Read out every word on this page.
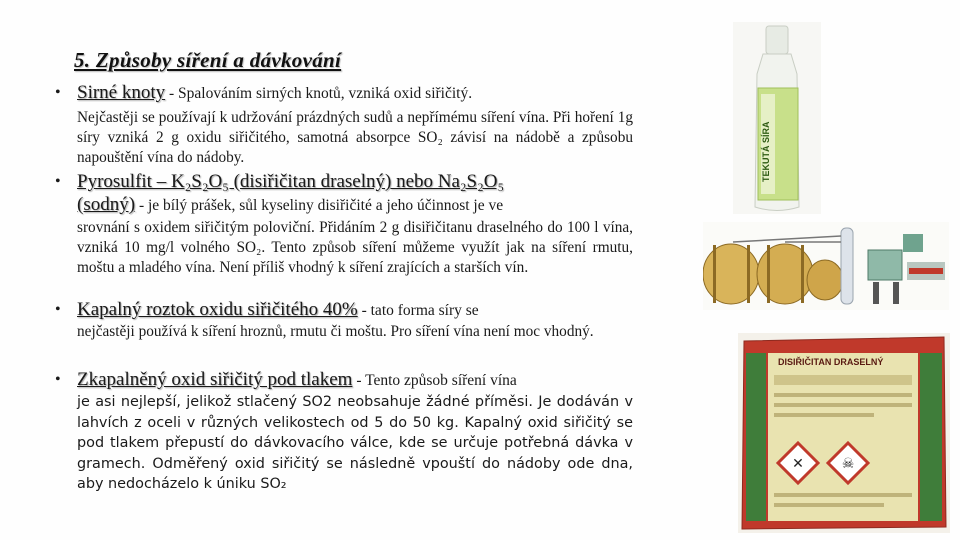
5. Způsoby síření a dávkování
• Sirné knoty - Spalováním sirných knotů, vzniká oxid siřičitý.
Nejčastěji se používají k udržování prázdných sudů a nepřímému síření vína. Při hoření 1g síry vzniká 2 g oxidu siřičitého, samotná absorpce SO₂ závisí na nádobě a způsobu napouštění vína do nádoby.
• Pyrosulfit – K₂S₂O₅ (disiřičitan draselný) nebo Na₂S₂O₅
(sodný) - je bílý prášek, sůl kyseliny disiřičité a jeho účinnost je ve
srovnání s oxidem siřičitým poloviční. Přidáním 2 g disiřičitanu draselného do 100 l vína, vzniká 10 mg/l volného SO₂. Tento způsob síření můžeme využít jak na síření rmutu, moštu a mladého vína. Není příliš vhodný k síření zrajících a starších vín.
• Kapalný roztok oxidu siřičitého 40% - tato forma síry se
nejčastěji používá k síření hroznů, rmutu či moštu. Pro síření vína není moc vhodný.
• Zkapalněný oxid siřičitý pod tlakem - Tento způsob síření vína
je asi nejlepší, jelikož stlačený SO2 neobsahuje žádné příměsi. Je dodáván v lahvích z oceli v různých velikostech od 5 do 50 kg. Kapalný oxid siřičitý se pod tlakem přepustí do dávkovacího válce, kde se určuje potřebná dávka v gramech. Odměřený oxid siřičitý se následně vpouští do nádoby ode dna, aby nedocházelo k úniku SO₂
TEKUTÁ SÍRA
✕	☠
DISIŘIČITAN DRASELNÝ
